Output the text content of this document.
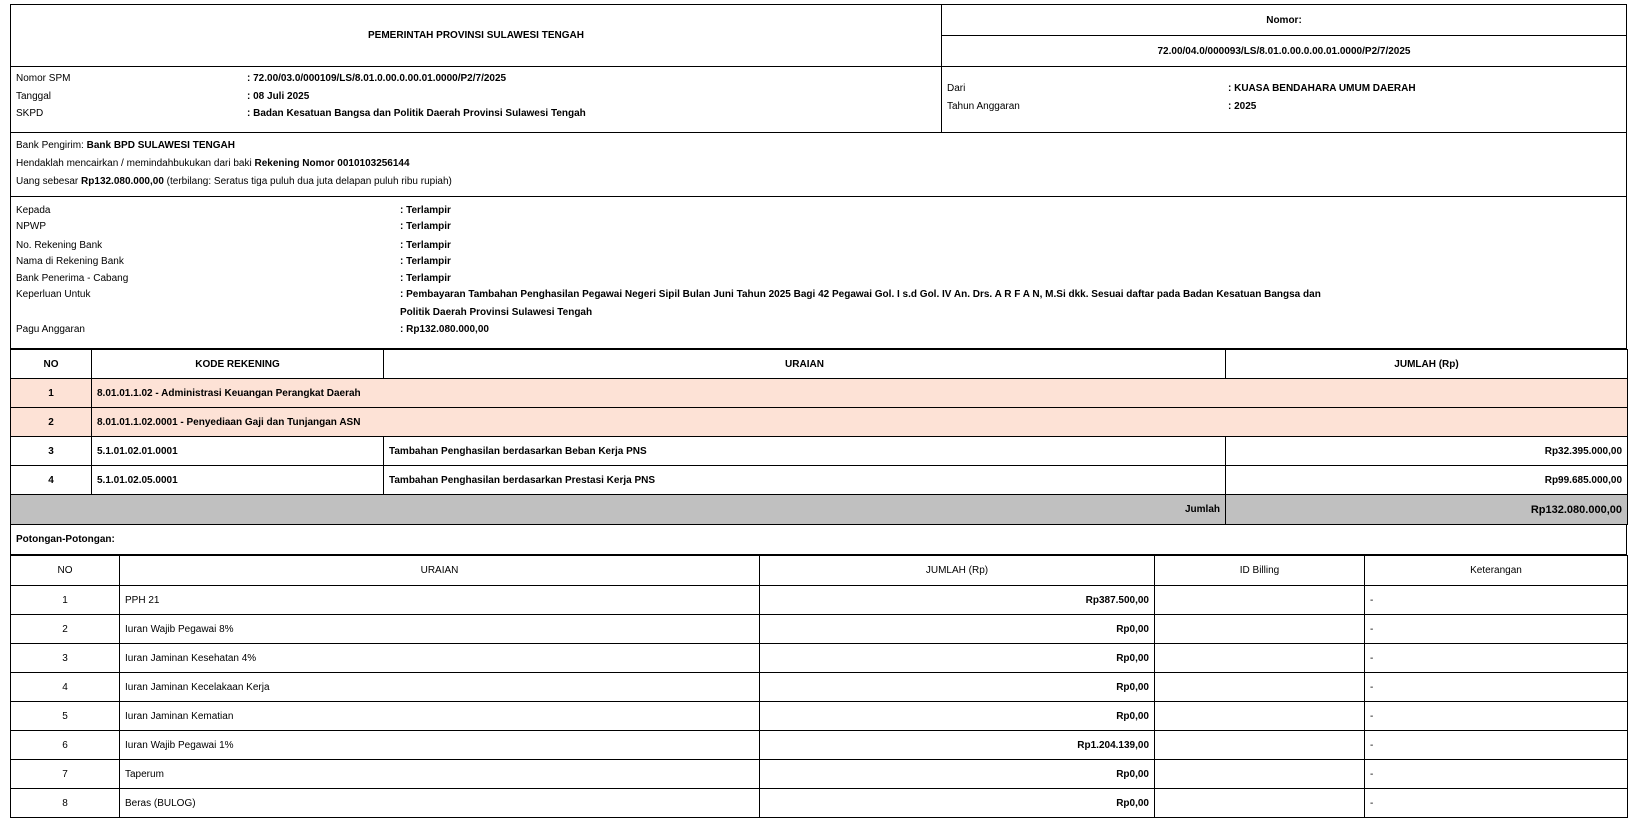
PEMERINTAH PROVINSI SULAWESI TENGAH
Nomor:
72.00/04.0/000093/LS/8.01.0.00.0.00.01.0000/P2/7/2025
Nomor SPM	: 72.00/03.0/000109/LS/8.01.0.00.0.00.01.0000/P2/7/2025
Tanggal	: 08 Juli 2025
SKPD	: Badan Kesatuan Bangsa dan Politik Daerah Provinsi Sulawesi Tengah
Dari	: KUASA BENDAHARA UMUM DAERAH
Tahun Anggaran	: 2025
Bank Pengirim: Bank BPD SULAWESI TENGAH
Hendaklah mencairkan / memindahbukukan dari baki Rekening Nomor 0010103256144
Uang sebesar Rp132.080.000,00 (terbilang: Seratus tiga puluh dua juta delapan puluh ribu rupiah)
Kepada	: Terlampir
NPWP	: Terlampir
No. Rekening Bank	: Terlampir
Nama di Rekening Bank	: Terlampir
Bank Penerima - Cabang	: Terlampir
Keperluan Untuk	: Pembayaran Tambahan Penghasilan Pegawai Negeri Sipil Bulan Juni Tahun 2025 Bagi 42 Pegawai Gol. I s.d Gol. IV An. Drs. A R F A N, M.Si dkk. Sesuai daftar pada Badan Kesatuan Bangsa dan
Politik Daerah Provinsi Sulawesi Tengah
Pagu Anggaran	: Rp132.080.000,00
NO	KODE REKENING	URAIAN	JUMLAH (Rp)
1	8.01.01.1.02 - Administrasi Keuangan Perangkat Daerah		
2	8.01.01.1.02.0001 - Penyediaan Gaji dan Tunjangan ASN		
3	5.1.01.02.01.0001	Tambahan Penghasilan berdasarkan Beban Kerja PNS	Rp32.395.000,00
4	5.1.01.02.05.0001	Tambahan Penghasilan berdasarkan Prestasi Kerja PNS	Rp99.685.000,00
Jumlah			Rp132.080.000,00
Potongan-Potongan:
NO	URAIAN	JUMLAH (Rp)	ID Billing	Keterangan
1	PPH 21	Rp387.500,00		-
2	Iuran Wajib Pegawai 8%	Rp0,00		-
3	Iuran Jaminan Kesehatan 4%	Rp0,00		-
4	Iuran Jaminan Kecelakaan Kerja	Rp0,00		-
5	Iuran Jaminan Kematian	Rp0,00		-
6	Iuran Wajib Pegawai 1%	Rp1.204.139,00		-
7	Taperum	Rp0,00		-
8	Beras (BULOG)	Rp0,00		-
